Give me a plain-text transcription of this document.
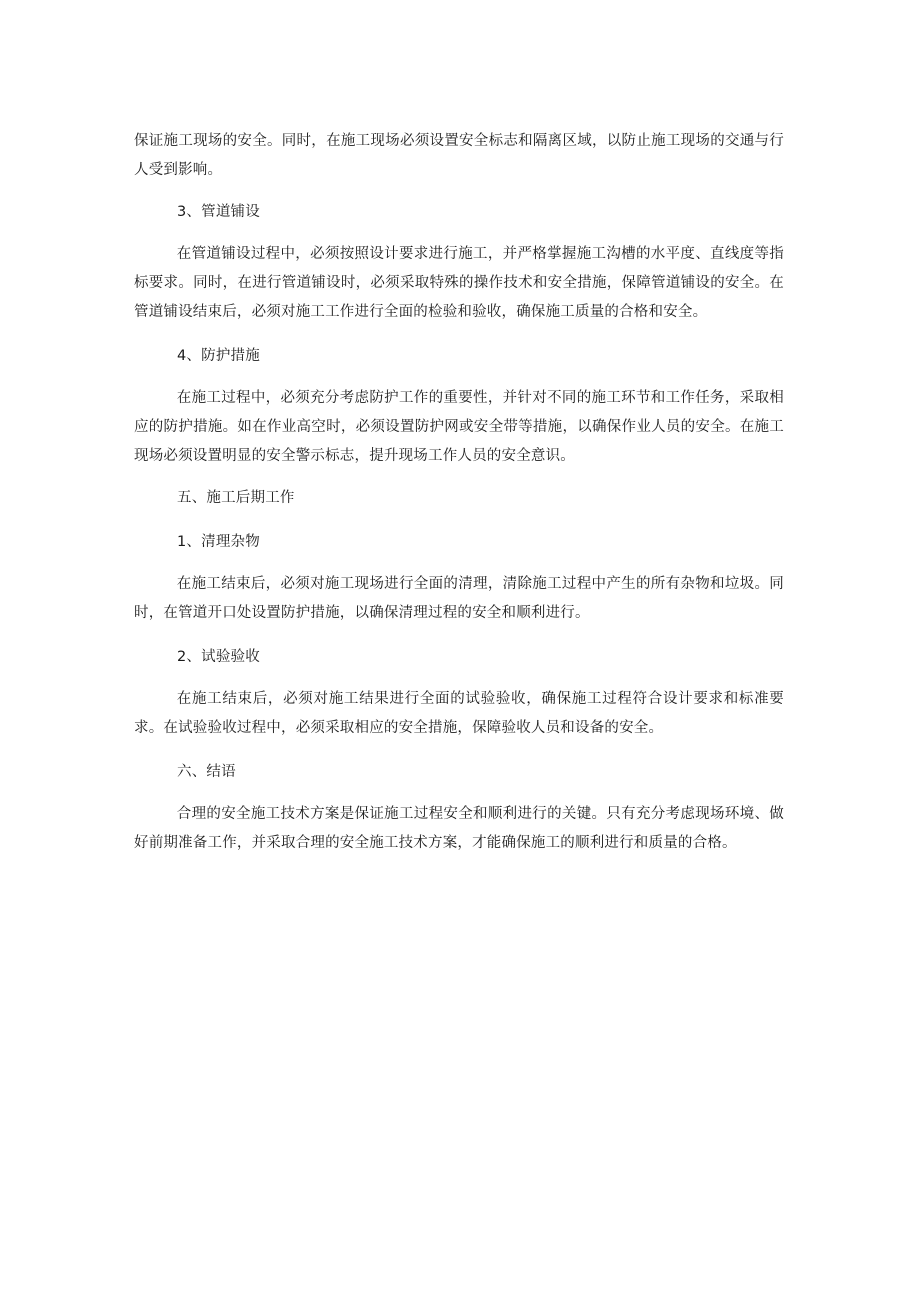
保证施工现场的安全。同时，在施工现场必须设置安全标志和隔离区域，以防止施工现场的交通与行人受到影响。

3、管道铺设

在管道铺设过程中，必须按照设计要求进行施工，并严格掌握施工沟槽的水平度、直线度等指标要求。同时，在进行管道铺设时，必须采取特殊的操作技术和安全措施，保障管道铺设的安全。在管道铺设结束后，必须对施工工作进行全面的检验和验收，确保施工质量的合格和安全。

4、防护措施

在施工过程中，必须充分考虑防护工作的重要性，并针对不同的施工环节和工作任务，采取相应的防护措施。如在作业高空时，必须设置防护网或安全带等措施，以确保作业人员的安全。在施工现场必须设置明显的安全警示标志，提升现场工作人员的安全意识。

五、施工后期工作

1、清理杂物

在施工结束后，必须对施工现场进行全面的清理，清除施工过程中产生的所有杂物和垃圾。同时，在管道开口处设置防护措施，以确保清理过程的安全和顺利进行。

2、试验验收

在施工结束后，必须对施工结果进行全面的试验验收，确保施工过程符合设计要求和标准要求。在试验验收过程中，必须采取相应的安全措施，保障验收人员和设备的安全。

六、结语

合理的安全施工技术方案是保证施工过程安全和顺利进行的关键。只有充分考虑现场环境、做好前期准备工作，并采取合理的安全施工技术方案，才能确保施工的顺利进行和质量的合格。
